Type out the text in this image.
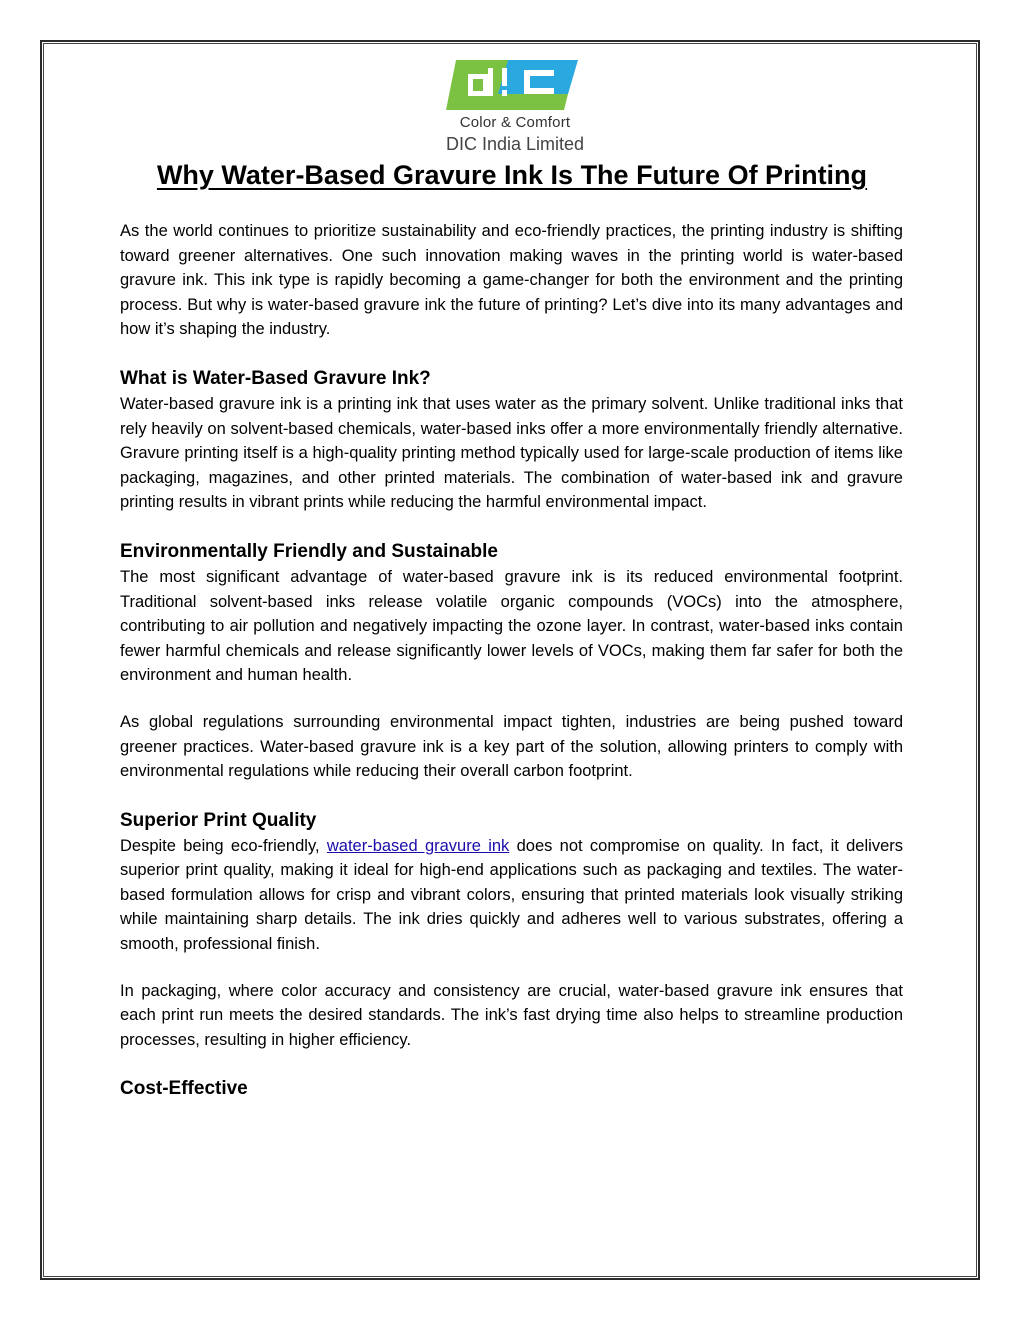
Color & Comfort
DIC India Limited
Why Water-Based Gravure Ink Is The Future Of Printing

As the world continues to prioritize sustainability and eco-friendly practices, the printing industry is shifting toward greener alternatives. One such innovation making waves in the printing world is water-based gravure ink. This ink type is rapidly becoming a game-changer for both the environment and the printing process. But why is water-based gravure ink the future of printing? Let’s dive into its many advantages and how it’s shaping the industry.

What is Water-Based Gravure Ink?

Water-based gravure ink is a printing ink that uses water as the primary solvent. Unlike traditional inks that rely heavily on solvent-based chemicals, water-based inks offer a more environmentally friendly alternative. Gravure printing itself is a high-quality printing method typically used for large-scale production of items like packaging, magazines, and other printed materials. The combination of water-based ink and gravure printing results in vibrant prints while reducing the harmful environmental impact.

Environmentally Friendly and Sustainable

The most significant advantage of water-based gravure ink is its reduced environmental footprint. Traditional solvent-based inks release volatile organic compounds (VOCs) into the atmosphere, contributing to air pollution and negatively impacting the ozone layer. In contrast, water-based inks contain fewer harmful chemicals and release significantly lower levels of VOCs, making them far safer for both the environment and human health.

As global regulations surrounding environmental impact tighten, industries are being pushed toward greener practices. Water-based gravure ink is a key part of the solution, allowing printers to comply with environmental regulations while reducing their overall carbon footprint.

Superior Print Quality

Despite being eco-friendly, water-based gravure ink does not compromise on quality. In fact, it delivers superior print quality, making it ideal for high-end applications such as packaging and textiles. The water-based formulation allows for crisp and vibrant colors, ensuring that printed materials look visually striking while maintaining sharp details. The ink dries quickly and adheres well to various substrates, offering a smooth, professional finish.

In packaging, where color accuracy and consistency are crucial, water-based gravure ink ensures that each print run meets the desired standards. The ink’s fast drying time also helps to streamline production processes, resulting in higher efficiency.

Cost-Effective
